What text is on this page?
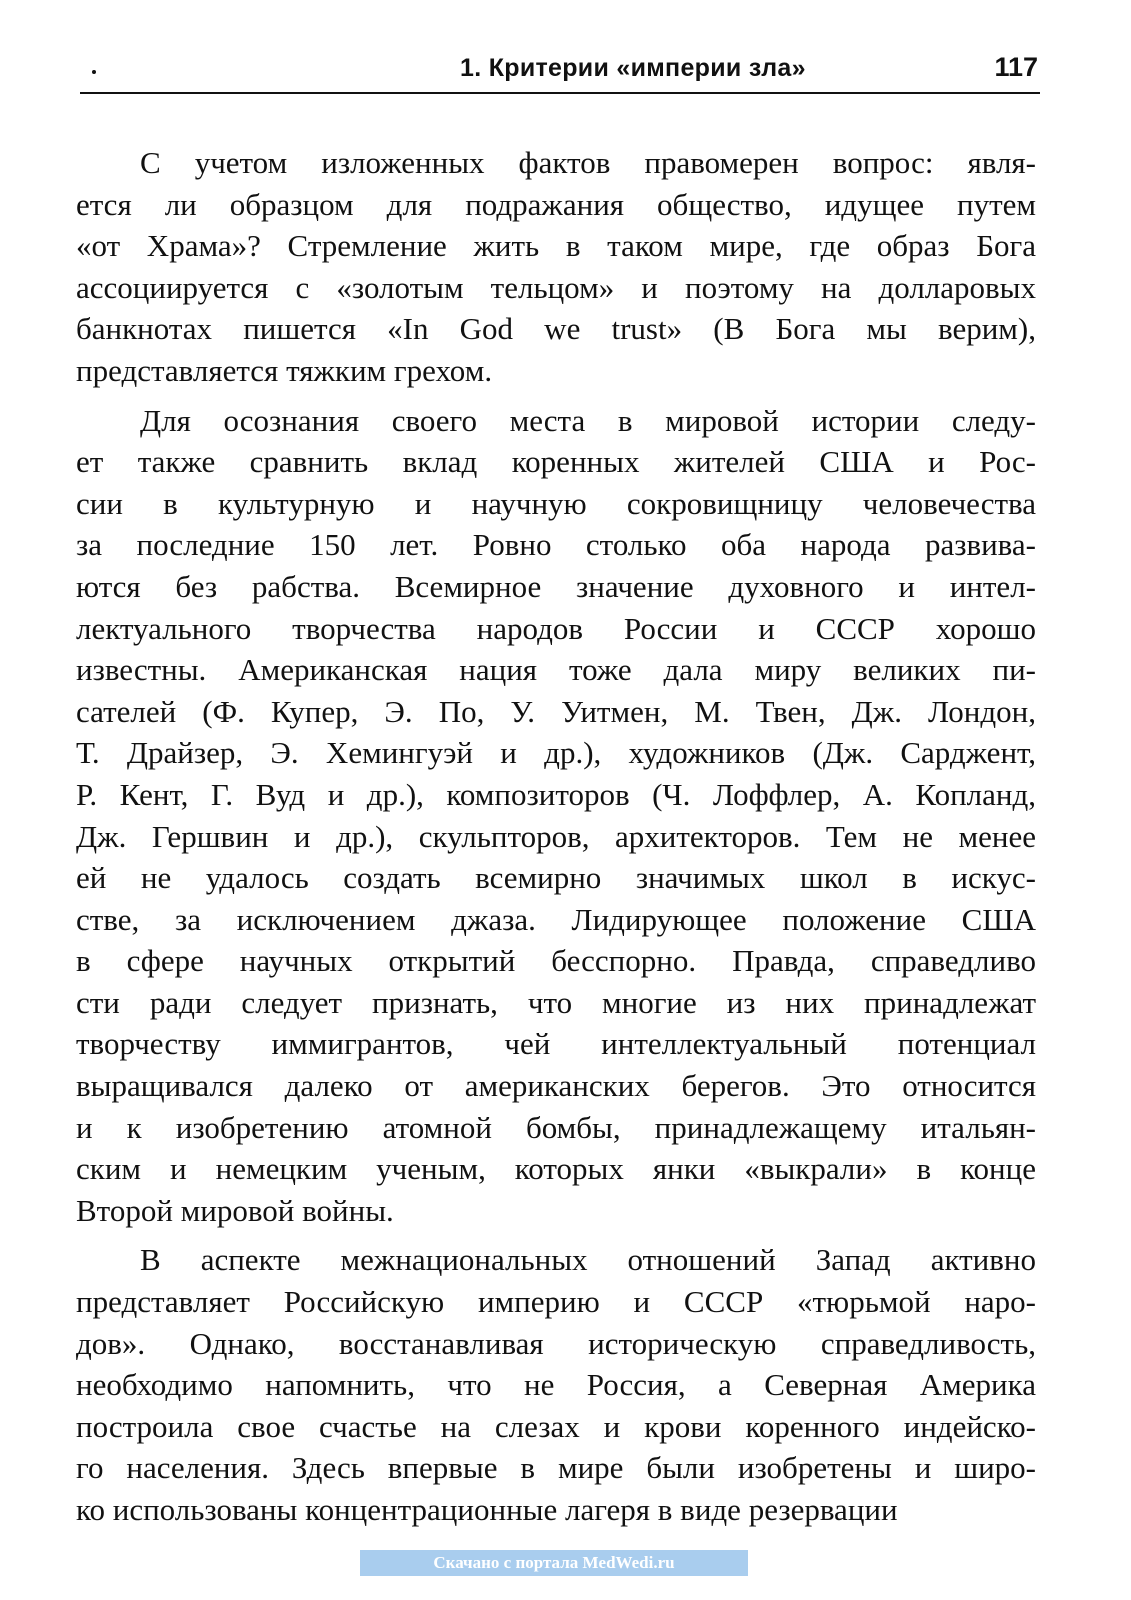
1. Критерии «империи зла»	117
С учетом изложенных фактов правомерен вопрос: явля-
ется ли образцом для подражания общество, идущее путем
«от Храма»? Стремление жить в таком мире, где образ Бога
ассоциируется с «золотым тельцом» и поэтому на долларовых
банкнотах пишется «In God we trust» (В Бога мы верим),
представляется тяжким грехом.
Для осознания своего места в мировой истории следу-
ет также сравнить вклад коренных жителей США и Рос-
сии в культурную и научную сокровищницу человечества
за последние 150 лет. Ровно столько оба народа развива-
ются без рабства. Всемирное значение духовного и интел-
лектуального творчества народов России и СССР хорошо
известны. Американская нация тоже дала миру великих пи-
сателей (Ф. Купер, Э. По, У. Уитмен, М. Твен, Дж. Лондон,
Т. Драйзер, Э. Хемингуэй и др.), художников (Дж. Сарджент,
Р. Кент, Г. Вуд и др.), композиторов (Ч. Лоффлер, А. Копланд,
Дж. Гершвин и др.), скульпторов, архитекторов. Тем не менее
ей не удалось создать всемирно значимых школ в искус-
стве, за исключением джаза. Лидирующее положение США
в сфере научных открытий бесспорно. Правда, справедливо
сти ради следует признать, что многие из них принадлежат
творчеству иммигрантов, чей интеллектуальный потенциал
выращивался далеко от американских берегов. Это относится
и к изобретению атомной бомбы, принадлежащему итальян-
ским и немецким ученым, которых янки «выкрали» в конце
Второй мировой войны.
В аспекте межнациональных отношений Запад активно
представляет Российскую империю и СССР «тюрьмой наро-
дов». Однако, восстанавливая историческую справедливость,
необходимо напомнить, что не Россия, а Северная Америка
построила свое счастье на слезах и крови коренного индейско-
го населения. Здесь впервые в мире были изобретены и широ-
ко использованы концентрационные лагеря в виде резервации
Скачано с портала MedWedi.ru
